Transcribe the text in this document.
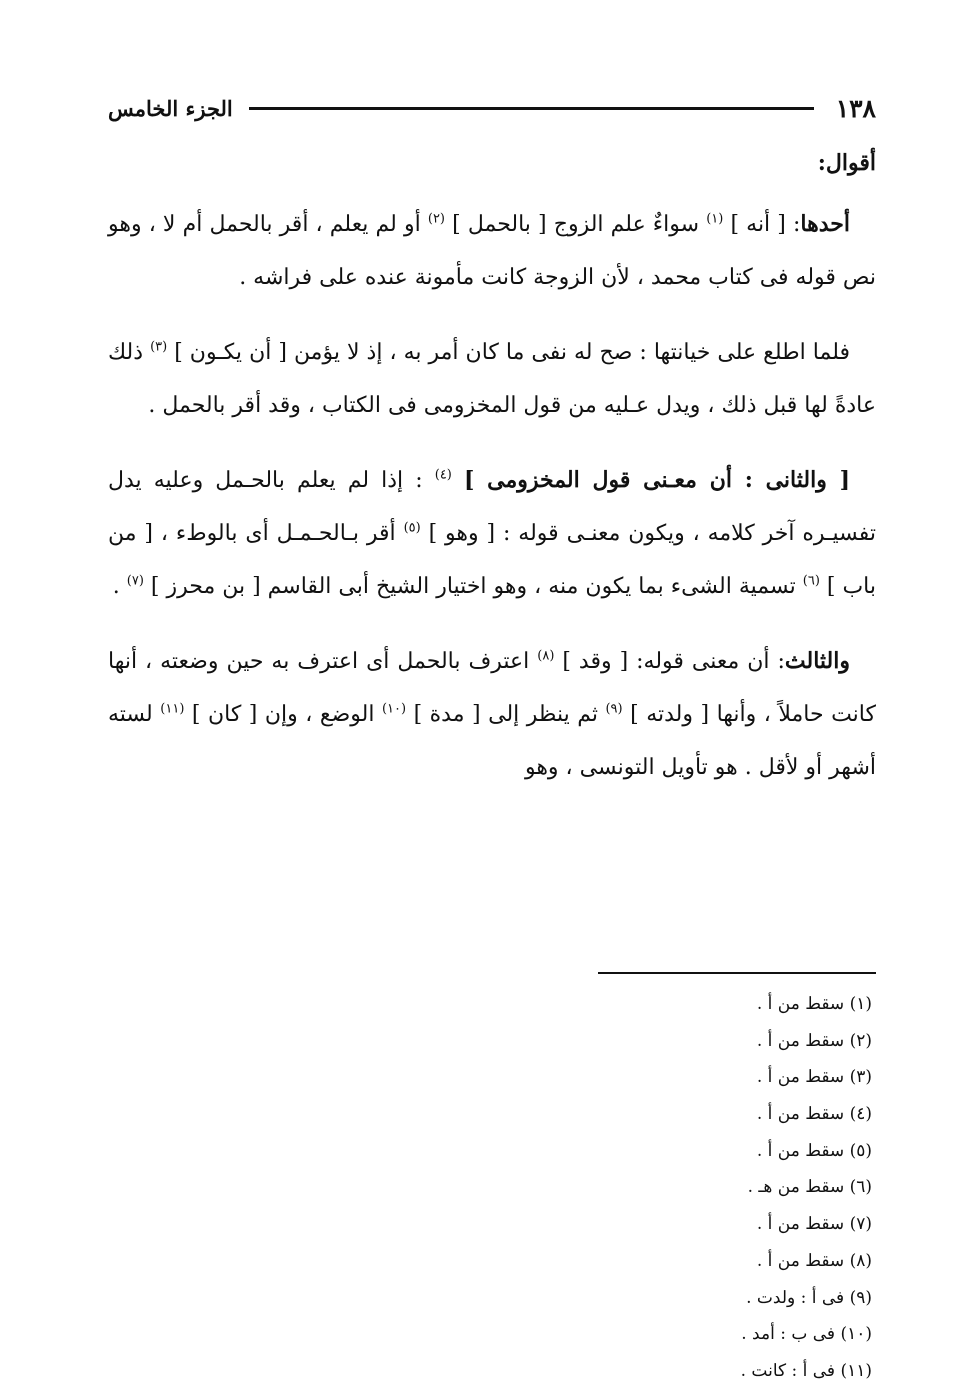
١٣٨
الجزء الخامس
أقوال:

أحدها: [ أنه ] $^{(١)}$ سواءٌ علم الزوج [ بالحمل ] $^{(٢)}$ أو لم يعلم ، أقر بالحمل أم لا ، وهو نص قوله فى كتاب محمد ، لأن الزوجة كانت مأمونة عنده على فراشه .

فلما اطلع على خيانتها : صح له نفى ما كان أمر به ، إذ لا يؤمن [ أن يكـون ] $^{(٣)}$ ذلك عادةً لها قبل ذلك ، ويدل عـليه من قول المخزومى فى الكتاب ، وقد أقر بالحمل .

[ والثانى : أن معـنى قول المخزومى ] $^{(٤)}$ : إذا لم يعلم بالحـمل وعليه يدل تفسيـره آخر كلامه ، ويكون معنـى قوله : [ وهو ] $^{(٥)}$ أقر بـالحـمـل أى بالوطء ، [ من باب ] $^{(٦)}$ تسمية الشىء بما يكون منه ، وهو اختيار الشيخ أبى القاسم [ بن محرز ] $^{(٧)}$ .

والثالث: أن معنى قوله: [ وقد ] $^{(٨)}$ اعترف بالحمل أى اعترف به حين وضعته ، أنها كانت حاملاً ، وأنها [ ولدته ] $^{(٩)}$ ثم ينظر إلى [ مدة ] $^{(١٠)}$ الوضع ، وإن [ كان ] $^{(١١)}$ لسته أشهر أو لأقل . هو تأويل التونسى ، وهو

(١) سقط من أ .
(٢) سقط من أ .
(٣) سقط من أ .
(٤) سقط من أ .
(٥) سقط من أ .
(٦) سقط من هـ .
(٧) سقط من أ .
(٨) سقط من أ .
(٩) فى أ : ولدت .
(١٠) فى ب : أمد .
(١١) فى أ : كانت .
